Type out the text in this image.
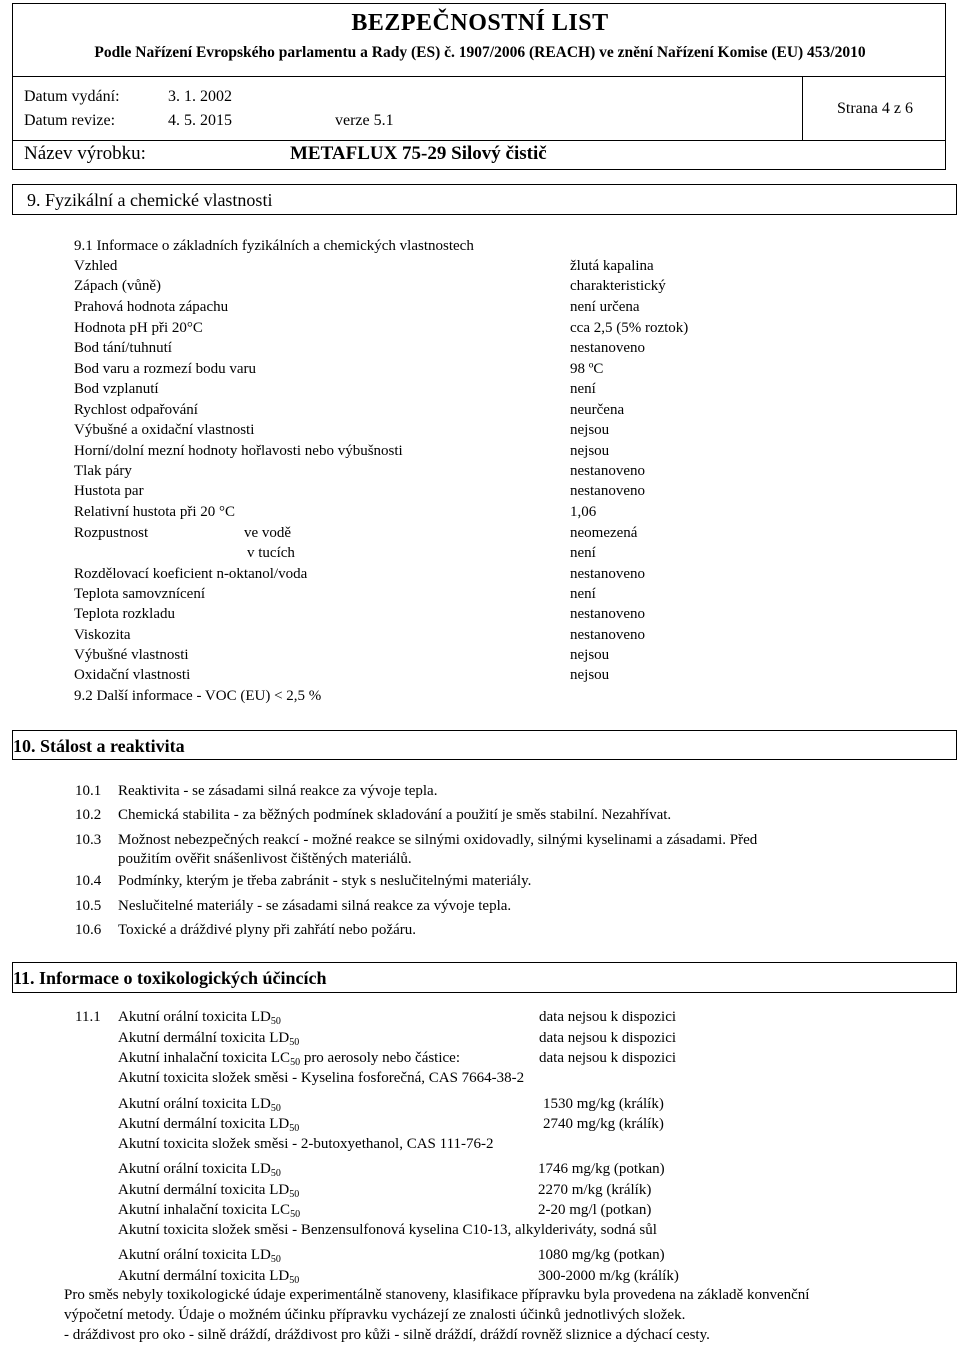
BEZPEČNOSTNÍ LIST
Podle Nařízení Evropského parlamentu a Rady (ES) č. 1907/2006 (REACH) ve znění Nařízení Komise (EU) 453/2010
Datum vydání:	3. 1. 2002
Datum revize:	4. 5. 2015	verze 5.1
Strana 4 z 6
Název výrobku:	METAFLUX 75-29 Silový čistič
9. Fyzikální a chemické vlastnosti
9.1 Informace o základních fyzikálních a chemických vlastnostech
Vzhled	žlutá kapalina
Zápach (vůně)	charakteristický
Prahová hodnota zápachu	není určena
Hodnota pH při 20°C	cca 2,5 (5% roztok)
Bod tání/tuhnutí	nestanoveno
Bod varu a rozmezí bodu varu	98 ºC
Bod vzplanutí	není
Rychlost odpařování	neurčena
Výbušné a oxidační vlastnosti	nejsou
Horní/dolní mezní hodnoty hořlavosti nebo výbušnosti	nejsou
Tlak páry	nestanoveno
Hustota par	nestanoveno
Relativní hustota při 20 °C	1,06
Rozpustnost	ve vodě	neomezená
v tucích	není
Rozdělovací koeficient n-oktanol/voda	nestanoveno
Teplota samovznícení	není
Teplota rozkladu	nestanoveno
Viskozita	nestanoveno
Výbušné vlastnosti	nejsou
Oxidační vlastnosti	nejsou
9.2 Další informace - VOC (EU) < 2,5 %
10. Stálost a reaktivita
10.1 Reaktivita - se zásadami silná reakce za vývoje tepla.
10.2 Chemická stabilita - za běžných podmínek skladování a použití je směs stabilní. Nezahřívat.
10.3 Možnost nebezpečných reakcí - možné reakce se silnými oxidovadly, silnými kyselinami a zásadami. Před
použitím ověřit snášenlivost čištěných materiálů.
10.4 Podmínky, kterým je třeba zabránit - styk s neslučitelnými materiály.
10.5 Neslučitelné materiály - se zásadami silná reakce za vývoje tepla.
10.6 Toxické a dráždivé plyny při zahřátí nebo požáru.
11. Informace o toxikologických účincích
11.1 Akutní orální toxicita $LD_{50}$	data nejsou k dispozici
Akutní dermální toxicita $LD_{50}$	data nejsou k dispozici
Akutní inhalační toxicita $LC_{50}$ pro aerosoly nebo částice:	data nejsou k dispozici
Akutní toxicita složek směsi - Kyselina fosforečná, CAS 7664-38-2
Akutní orální toxicita $LD_{50}$	1530 mg/kg (králík)
Akutní dermální toxicita $LD_{50}$	2740 mg/kg (králík)
Akutní toxicita složek směsi - 2-butoxyethanol, CAS 111-76-2
Akutní orální toxicita $LD_{50}$	1746 mg/kg (potkan)
Akutní dermální toxicita $LD_{50}$	2270 m/kg (králík)
Akutní inhalační toxicita $LC_{50}$	2-20 mg/l (potkan)
Akutní toxicita složek směsi - Benzensulfonová kyselina C10-13, alkylderiváty, sodná sůl
Akutní orální toxicita $LD_{50}$	1080 mg/kg (potkan)
Akutní dermální toxicita $LD_{50}$	300-2000 m/kg (králík)
Pro směs nebyly toxikologické údaje experimentálně stanoveny, klasifikace přípravku byla provedena na základě konvenční
výpočetní metody. Údaje o možném účinku přípravku vycházejí ze znalosti účinků jednotlivých složek.
- dráždivost pro oko - silně dráždí, dráždivost pro kůži - silně dráždí, dráždí rovněž sliznice a dýchací cesty.
